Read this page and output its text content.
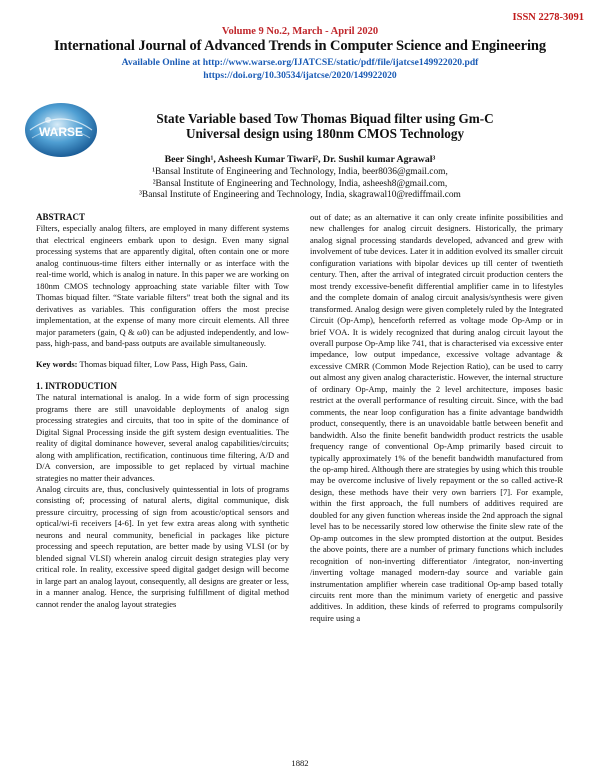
ISSN 2278-3091
Volume 9 No.2, March - April 2020
International Journal of Advanced Trends in Computer Science and Engineering
Available Online at http://www.warse.org/IJATCSE/static/pdf/file/ijatcse149922020.pdf
https://doi.org/10.30534/ijatcse/2020/149922020
WARSE
State Variable based Tow Thomas Biquad filter using Gm-C
Universal design using 180nm CMOS Technology
Beer Singh¹, Asheesh Kumar Tiwari², Dr. Sushil kumar Agrawal³
¹Bansal Institute of Engineering and Technology, India, beer8036@gmail.com,
²Bansal Institute of Engineering and Technology, India, asheesh8@gmail.com,
³Bansal Institute of Engineering and Technology, India, skagrawal10@rediffmail.com

ABSTRACT

Filters, especially analog filters, are employed in many different systems that electrical engineers embark upon to design. Even many signal processing systems that are apparently digital, often contain one or more analog continuous-time filters either internally or as interface with the real-time world, which is analog in nature. In this paper we are working on 180nm CMOS technology approaching state variable filter with Tow Thomas biquad filter. “State variable filters” treat both the signal and its derivatives as variables. This configuration offers the most precise implementation, at the expense of many more circuit elements. All three major parameters (gain, Q & ω0) can be adjusted independently, and low-pass, high-pass, and band-pass outputs are available simultaneously.

Key words: Thomas biquad filter, Low Pass, High Pass, Gain.

1. INTRODUCTION

The natural international is analog. In a wide form of sign processing programs there are still unavoidable deployments of analog sign processing strategies and circuits, that too in spite of the dominance of Digital Signal Processing inside the gift system design eventualities. The reality of digital dominance however, several analog capabilities/circuits; along with amplification, rectification, continuous time filtering, A/D and D/A conversion, are impossible to get replaced by virtual machine strategies no matter their advances.

Analog circuits are, thus, conclusively quintessential in lots of programs consisting of; processing of natural alerts, digital communique, disk pressure circuitry, processing of sign from acoustic/optical sensors and optical/wi-fi receivers [4-6]. In yet few extra areas along with synthetic neurons and neural community, beneficial in packages like picture processing and speech reputation, are better made by using VLSI (or by blended signal VLSI) wherein analog circuit design strategies play very critical role. In reality, excessive speed digital gadget design will become in large part an analog layout, consequently, all designs are greater or less, in a manner analog. Hence, the surprising fulfillment of digital method cannot render the analog layout strategies

out of date; as an alternative it can only create infinite possibilities and new challenges for analog circuit designers. Historically, the primary analog signal processing standards developed, advanced and grew with involvement of tube devices. Later it in addition evolved its smaller circuit configuration variations with bipolar devices up till center of twentieth century. Then, after the arrival of integrated circuit production centers the most trendy excessive-benefit differential amplifier came in to lifestyles and the complete domain of analog circuit analysis/synthesis were given transformed. Analog design were given completely ruled by the Integrated Circuit (Op-Amp), henceforth referred as voltage mode Op-Amp or in brief VOA. It is widely recognized that during analog circuit layout the overall purpose Op-Amp like 741, that is characterised via excessive enter impedance, low output impedance, excessive voltage advantage & excessive CMRR (Common Mode Rejection Ratio), can be used to carry out almost any given analog characteristic. However, the internal structure of ordinary Op-Amp, mainly the 2 level architecture, imposes basic restrict at the overall performance of resulting circuit. Since, with the bad comments, the near loop configuration has a finite advantage bandwidth product, consequently, there is an unavoidable battle between benefit and bandwidth. Also the finite benefit bandwidth product restricts the usable frequency range of conventional Op-Amp primarily based circuit to typically approximately 1% of the benefit bandwidth manufactured from the op-amp hired. Although there are strategies by using which this trouble may be overcome inclusive of lively repayment or the so called active-R design, these methods have their very own barriers [7]. For example, within the first approach, the full numbers of additives required are doubled for any given function whereas inside the 2nd approach the signal level has to be necessarily stored low otherwise the finite slew rate of the Op-amp outcomes in the slew prompted distortion at the output. Besides the above points, there are a number of primary functions which includes recognition of non-inverting differentiator /integrator, non-inverting /inverting voltage managed modern-day source and variable gain instrumentation amplifier wherein case traditional Op-amp based totally circuits rent more than the minimum variety of energetic and passive additives. In addition, these kinds of referred to programs compulsorily require using a

1882
